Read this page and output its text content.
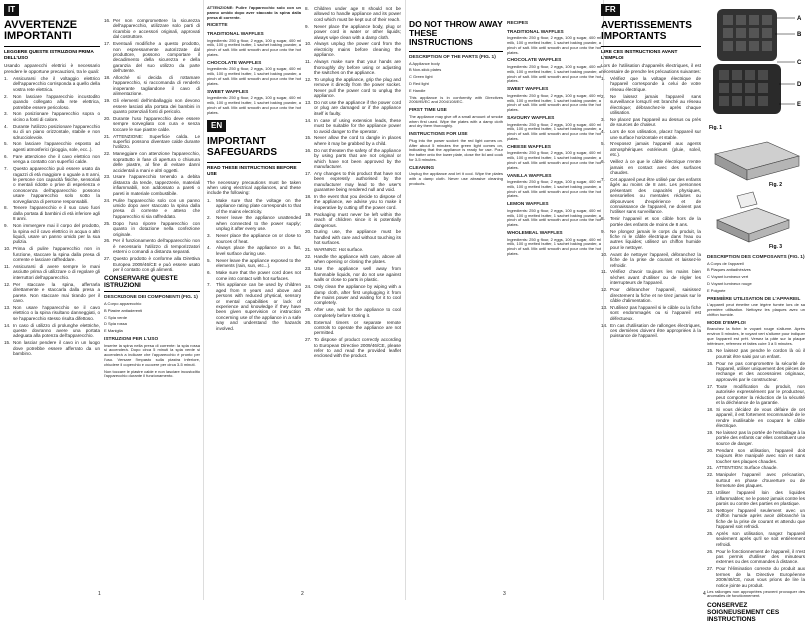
IT
AVVERTENZE IMPORTANTI
LEGGERE QUESTE ISTRUZIONI PRIMA DELL'USO
Usando apparecchi elettrici è necessario prendere le opportune precauzioni, tra le quali:
1. Assicurarsi che il voltaggio elettrico dell'apparecchio corrisponda a quello della vostra rete elettrica.
2. Non lasciare l'apparecchio incustodito quando collegato alla rete elettrica, potrebbe essere pericoloso.
3. Non posizionare l'apparecchio sopra o vicino a fonti di calore.
4. Durante l'utilizzo posizionare l'apparecchio su di un piano orizzontale, stabile e non sdrucciolevole.
5. Non lasciare l'apparecchio esposto ad agenti atmosferici (pioggia, sole, ecc..).
6. Fare attenzione che il cavo elettrico non venga a contatto con superfici calde.
7. Questo apparecchio può essere usato da ragazzi di età maggiore o uguale a 8 anni, le persone con capacità fisiche, sensoriali o mentali ridotte o prive di esperienza e conoscenza dell'apparecchio possono usare l'apparecchio solo sotto la sorveglianza di persone responsabili.
8. Tenere l'apparecchio e il suo cavo fuori dalla portata di bambini di età inferiore agli 8 anni.
9. Non immergere mai il corpo del prodotto, la spina ed il cavo elettrico in acqua o altri liquidi, usare un panno umido per la sua pulizia.
10. Prima di pulire l'apparecchio non in funzione, staccare la spina dalla presa di corrente e lasciare raffreddare.
11. Assicurarsi di avere sempre le mani asciutte prima di utilizzare o di regolare gli interruttori dell'apparecchio.
12. Per staccare la spina, afferrarla direttamente e staccarla dalla presa a parete. Non staccare mai tirando per il cavo.
13. Non usare l'apparecchio se il cavo elettrico o la spina risultano danneggiati, o se l'apparecchio stesso risulta difettoso.
14. In caso di utilizzo di prolunghe elettriche, queste dovranno avere una portata adeguata alla potenza dell'apparecchio.
15. Non lasciar pendere il cavo in un luogo dove potrebbe essere afferrato da un bambino.
16. Per non compromettere la sicurezza dell'apparecchio, utilizzare solo parti di ricambio e accessori originali, approvati dal costruttore.
17. Eventuali modifiche a questo prodotto, non espressamente autorizzate dal produttore, possono comportare il decadimento della sicurezza e della garanzia del suo utilizzo da parte dell'utente.
18. Allorché si decida di rottamare l'apparecchio, si raccomanda di renderlo inoperante tagliandone il cavo di alimentazione.
19. Gli elementi dell'imballaggio non devono essere lasciati alla portata dei bambini in quanto potenziali fonti di pericolo.
20. Durante l'uso l'apparecchio deve essere sempre sorvegliato con cura e senza toccare le sue piastre calde.
21. ATTENZIONE: Superficie calda. Le superfici possono diventare calde durante l'utilizzo.
22. Maneggiare con attenzione l'apparecchio, soprattutto in fase di apertura o chiusura delle piastre, al fine di evitare danni accidentali a mani e altri oggetti.
23. Usare l'apparecchio tenendo a debita distanza da tende, tappezzerie, materiali infiammabili, non addossato a pareti o pareti in materiale combustibile.
24. Pulire l'apparecchio solo con un panno umido dopo aver staccato la spina dalla presa di corrente e atteso che l'apparecchio si sia raffreddato.
25. Dopo l'uso riporre l'apparecchio con quanto in dotazione nella confezione originale.
26. Per il funzionamento dell'apparecchio non è necessario l'utilizzo di temporizzatori esterni o comandi a distanza separati.
27. Questo prodotto è conforme alla Direttiva Europea 2009/46/CE e può essere usato per il contatto con gli alimenti.
CONSERVARE QUESTE ISTRUZIONI
DESCRIZIONE DEI COMPONENTI (FIG. 1)
A Corpo apparecchio
B Piastre antiaderenti
C Spia verde
D Spia rossa
E Maniglia
ISTRUZIONI PER L'USO
Inserire la spina nella presa di corrente: la spia rossa si accenderà. Dopo circa 5 minuti la spia verde si accenderà a indicare che l'apparecchio è pronto per l'uso. Versare l'impasto sulla piastra inferiore, chiudere il coperchio e cuocere per circa 3-5 minuti.
Non toccare le piastre calde e non lasciare incustodito l'apparecchio durante il funzionamento.
1
ATTENZIONE: Pulire l'apparecchio solo con un panno umido dopo aver staccato la spina dalla presa di corrente.
RICETTE
TRADITIONAL WAFFLES
Ingredients: 250 g flour, 2 eggs, 100 g sugar, 400 ml milk, 100 g melted butter, 1 sachet baking powder, a pinch of salt. Mix until smooth and pour onto the hot plates.
CHOCOLATE WAFFLES
Ingredients: 250 g flour, 2 eggs, 100 g sugar, 400 ml milk, 100 g melted butter, 1 sachet baking powder, a pinch of salt. Mix until smooth and pour onto the hot plates.
SWEET WAFFLES
Ingredients: 250 g flour, 2 eggs, 100 g sugar, 400 ml milk, 100 g melted butter, 1 sachet baking powder, a pinch of salt. Mix until smooth and pour onto the hot plates.
EN
IMPORTANT SAFEGUARDS
READ THESE INSTRUCTIONS BEFORE USE
The necessary precautions must be taken when using electrical appliances, and these include the following:
1. Make sure that the voltage on the appliance rating plate corresponds to that of the mains electricity.
2. Never leave the appliance unattended when connected to the power supply; unplug it after every use.
3. Never place the appliance on or close to sources of heat.
4. Always place the appliance on a flat, level surface during use.
5. Never leave the appliance exposed to the elements (rain, sun, etc...).
6. Make sure that the power cord does not come into contact with hot surfaces.
7. This appliance can be used by children aged from 8 years and above and persons with reduced physical, sensory or mental capabilities or lack of experience and knowledge if they have been given supervision or instruction concerning use of the appliance in a safe way and understand the hazards involved.
8. Children under age 8 should not be allowed to handle appliance and its power cord which must be kept out of their reach.
9. Never place the appliance body, plug or power cord in water or other liquids; always wipe clean with a damp cloth.
10. Always unplug the power cord from the electricity mains before cleaning the appliance.
11. Always make sure that your hands are thoroughly dry before using or adjusting the switches on the appliance.
12. To unplug the appliance, grip the plug and remove it directly from the power socket. Never pull the power cord to unplug the appliance.
13. Do not use the appliance if the power cord or plug are damaged or if the appliance itself is faulty.
14. In case of using extension leads, these must be suitable for the appliance power to avoid danger to the operator.
15. Never allow the cord to dangle in places where it may be grabbed by a child.
16. Do not threaten the safety of the appliance by using parts that are not original or which have not been approved by the manufacturer.
17. Any changes to this product that have not been expressly authorised by the manufacturer may lead to the user's guarantee being rendered null and void.
18. In the event that you decide to dispose of the appliance, we advise you to make it inoperative by cutting off the power cord.
19. Packaging must never be left within the reach of children since it is potentially dangerous.
20. During use, the appliance must be handled with care and without touching its hot surfaces.
21. WARNING: Hot surface.
22. Handle the appliance with care, above all when opening or closing the plates.
23. Use the appliance well away from flammable liquids, nor do not use against walls or close to parts in plastic.
24. Only clean the appliance by wiping with a damp cloth, after first unplugging it from the mains power and waiting for it to cool completely.
25. After use, wait for the appliance to cool completely before storing it.
26. External timers or separate remote controls to operate the appliance are not permitted.
27. To dispose of product correctly according to European Directive 2009/46/CE, please refer to and read the provided leaflet enclosed with the product.
2
DO NOT THROW AWAY THESE INSTRUCTIONS
DESCRIPTION OF THE PARTS (FIG. 1)
A Appliance body
B Non-stick plates
C Green light
D Red light
E Handle
This appliance is in conformity with Directives 2006/95/EC and 2004/108/EC.
FIRST TIME USE
The appliance may give off a small amount of smoke when first used. Wipe the plates with a damp cloth and dry them thoroughly.
INSTRUCTIONS FOR USE
Plug into the power socket: the red light comes on. After about 5 minutes the green light comes on, indicating that the appliance is ready for use. Pour the batter onto the lower plate, close the lid and cook for 3-5 minutes.
CLEANING
Unplug the appliance and let it cool. Wipe the plates with a damp cloth. Never use abrasive cleaning products.
RECIPES
TRADITIONAL WAFFLES
Ingredients: 250 g flour, 2 eggs, 100 g sugar, 400 ml milk, 100 g melted butter, 1 sachet baking powder, a pinch of salt. Mix until smooth and pour onto the hot plates.
CHOCOLATE WAFFLES
Ingredients: 250 g flour, 2 eggs, 100 g sugar, 400 ml milk, 100 g melted butter, 1 sachet baking powder, a pinch of salt. Mix until smooth and pour onto the hot plates.
SWEET WAFFLES
Ingredients: 250 g flour, 2 eggs, 100 g sugar, 400 ml milk, 100 g melted butter, 1 sachet baking powder, a pinch of salt. Mix until smooth and pour onto the hot plates.
SAVOURY WAFFLES
Ingredients: 250 g flour, 2 eggs, 100 g sugar, 400 ml milk, 100 g melted butter, 1 sachet baking powder, a pinch of salt. Mix until smooth and pour onto the hot plates.
CHEESE WAFFLES
Ingredients: 250 g flour, 2 eggs, 100 g sugar, 400 ml milk, 100 g melted butter, 1 sachet baking powder, a pinch of salt. Mix until smooth and pour onto the hot plates.
VANILLA WAFFLES
Ingredients: 250 g flour, 2 eggs, 100 g sugar, 400 ml milk, 100 g melted butter, 1 sachet baking powder, a pinch of salt. Mix until smooth and pour onto the hot plates.
LEMON WAFFLES
Ingredients: 250 g flour, 2 eggs, 100 g sugar, 400 ml milk, 100 g melted butter, 1 sachet baking powder, a pinch of salt. Mix until smooth and pour onto the hot plates.
WHOLEMEAL WAFFLES
Ingredients: 250 g flour, 2 eggs, 100 g sugar, 400 ml milk, 100 g melted butter, 1 sachet baking powder, a pinch of salt. Mix until smooth and pour onto the hot plates.
3
FR
AVERTISSEMENTS IMPORTANTS
LIRE CES INSTRUCTIONS AVANT L'EMPLOI
Lors de l'utilisation d'appareils électriques, il est nécessaire de prendre les précautions suivantes:
1. Vérifiez que la voltage électrique de l'appareil corresponde à celui de votre réseau électrique.
2. Ne laissez jamais l'appareil sans surveillance lorsqu'il est branché au réseau électrique; débranchez-le après chaque utilisation.
3. Ne placez pas l'appareil au dessus ou près de sources de chaleur.
4. Lors de son utilisation, placez l'appareil sur une surface horizontale et stable.
5. N'exposez jamais l'appareil aux agents atmosphériques extérieurs (pluie, soleil, etc.).
6. Veillez à ce que le câble électrique n'entre jamais en contact avec des surfaces chaudes.
7. Cet appareil peut être utilisé par des enfants âgés au moins de 8 ans. Les personnes présentant des capacités physiques, sensorielles ou mentales réduites ou dépourvues d'expérience et de connaissance de l'appareil, ne doivent pas l'utiliser sans surveillance.
8. Tenir l'appareil et son câble hors de la portée des enfants de moins de 8 ans.
9. Ne plongez jamais le corps du produit, la fiche ni le câble électrique dans l'eau ou autres liquides; utilisez un chiffon humide pour le nettoyer.
10. Avant de nettoyer l'appareil, débranchez la fiche de la prise de courant et laissez-le refroidir.
11. Vérifiez d'avoir toujours les mains bien sèches avant d'utiliser ou de régler les interrupteurs de l'appareil.
12. Pour débrancher l'appareil, saisissez directement la fiche et ne tirez jamais sur le câble d'alimentation.
13. N'utilisez pas l'appareil si le câble ou la fiche sont endommagés ou si l'appareil est défectueux.
14. En cas d'utilisation de rallonges électriques, ces dernières doivent être appropriées à la puissance de l'appareil.
A
B
C
D
E
Fig. 1
Fig. 2
Fig. 3
DESCRIPTION DES COMPOSANTS (FIG. 1)
A Corps de l'appareil
B Plaques antiadhésives
C Voyant lumineux vert
D Voyant lumineux rouge
E Poignée
PREMIÈRE UTILISATION DE L'APPAREIL
L'appareil peut émettre une légère fumée lors de sa première utilisation. Nettoyez les plaques avec un chiffon humide.
MODE D'EMPLOI
Branchez la fiche: le voyant rouge s'allume. Après environ 5 minutes, le voyant vert s'allume pour indiquer que l'appareil est prêt. Versez la pâte sur la plaque inférieure, refermez et faites cuire 3 à 5 minutes.
15. Ne laissez pas pendre le cordon là où il pourrait être saisi par un enfant.
16. Pour ne pas compromettre la sécurité de l'appareil, utiliser uniquement des pièces de rechange et des accessoires originaux, approuvés par le constructeur.
17. Toute modification du produit, non autorisée expressément par le producteur, peut comporter la réduction de la sécurité et la déchéance de la garantie.
18. Si vous décidez de vous défaire de cet appareil, il est fortement recommandé de le rendre inutilisable en coupant le câble électrique.
19. Ne laissez pas la portée de l'emballage à la portée des enfants car elles constituent une source de danger.
20. Pendant son utilisation, l'appareil doit toujours être manipulé avec soin et sans toucher ses plaques chaudes.
21. ATTENTION: Surface chaude.
22. Manipuler l'appareil avec précaution, surtout en phase d'ouverture ou de fermeture des plaques.
23. Utiliser l'appareil loin des liquides inflammables; ne le posez jamais contre les parois ou contre des parties en plastique.
24. Nettoyer l'appareil seulement avec un chiffon humide après avoir débranché la fiche de la prise de courant et attendu que l'appareil soit refroidi.
25. Après son utilisation, rangez l'appareil seulement après qu'il se soit entièrement refroidi.
26. Pour le fonctionnement de l'appareil, il n'est pas permis d'utiliser des minuteurs externes ou des commandes à distance.
27. Pour l'élimination correcte du produit aux termes de la Directive Européenne 2009/46/CE, nous vous prions de lire la notice jointe au produit.
Les rallonges non appropriées peuvent provoquer des anomalies de fonctionnement.
CONSERVEZ SOIGNEUSEMENT CES INSTRUCTIONS
4
